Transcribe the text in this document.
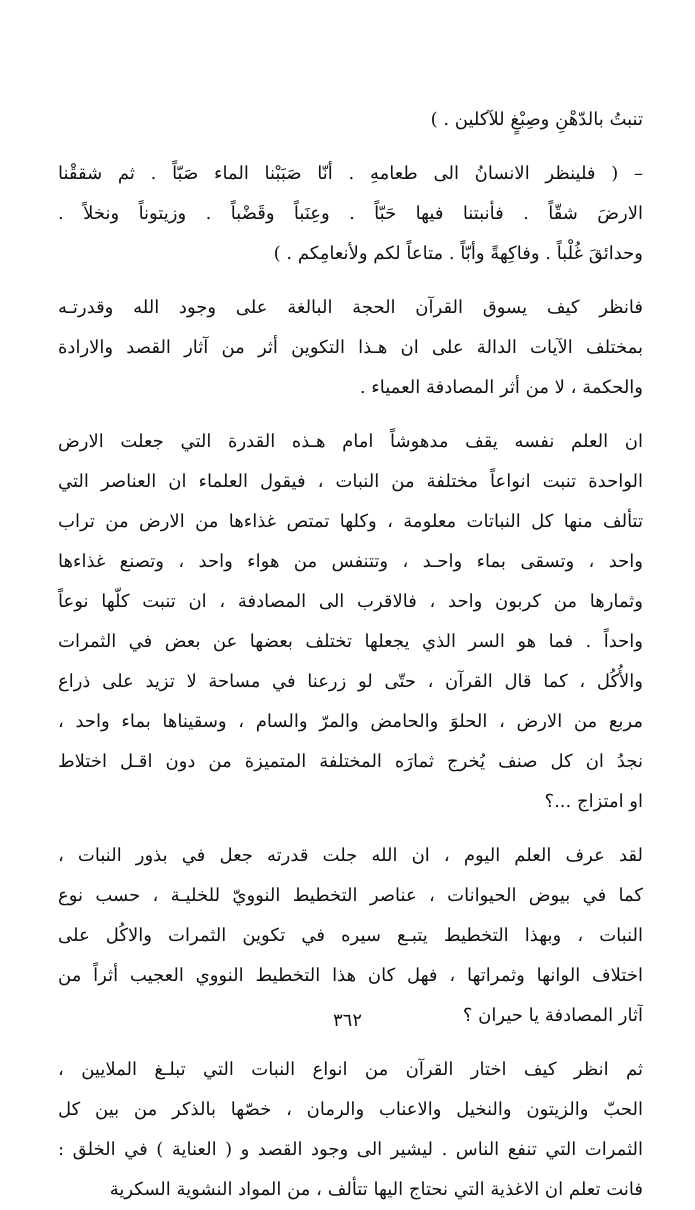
تنبتُ بالدّهْنِ وصِبْغٍ للآكلين . )
– ( فلينظر الانسانُ الى طعامهِ . أنّا صَبَبْنا الماء صَبّاً . ثم شققْنا
الارضَ شقّاً . فأنبتنا فيها حَبّاً . وعِنَباً وقَضْباً . وزيتوناً ونخلاً .
وحدائقَ غُلْباً . وفاكِهةً وأبّاً . متاعاً لكم ولأنعامِكم . )
فانظر كيف يسوق القرآن الحجة البالغة على وجود الله وقدرتـه
بمختلف الآيات الدالة على ان هـذا التكوين أثر من آثار القصد والارادة
والحكمة ، لا من أثر المصادفة العمياء .
ان العلم نفسه يقف مدهوشاً امام هـذه القدرة التي جعلت الارض
الواحدة تنبت انواعاً مختلفة من النبات ، فيقول العلماء ان العناصر التي
تتألف منها كل النباتات معلومة ، وكلها تمتص غذاءها من الارض من تراب
واحد ، وتسقى بماء واحـد ، وتتنفس من هواء واحد ، وتصنع غذاءها
وثمارها من كربون واحد ، فالاقرب الى المصادفة ، ان تنبت كلّها نوعاً
واحداً . فما هو السر الذي يجعلها تختلف بعضها عن بعض في الثمرات
والأُكُل ، كما قال القرآن ، حتّى لو زرعنا في مساحة لا تزيد على ذراع
مربع من الارض ، الحلوَ والحامض والمرّ والسام ، وسقيناها بماء واحد ،
نجدُ ان كل صنف يُخرج ثمارَه المختلفة المتميزة من دون اقـل اختلاط
او امتزاج ...؟
لقد عرف العلم اليوم ، ان الله جلت قدرته جعل في بذور النبات ،
كما في بيوض الحيوانات ، عناصر التخطيط النوويّ للخليـة ، حسب نوع
النبات ، وبهذا التخطيط يتبـع سيره في تكوين الثمرات والاكُل على
اختلاف الوانها وثمراتها ، فهل كان هذا التخطيط النووي العجيب أثراً من
آثار المصادفة يا حيران ؟
ثم انظر كيف اختار القرآن من انواع النبات التي تبلـغ الملايين ،
الحبّ والزيتون والنخيل والاعناب والرمان ، خصّها بالذكر من بين كل
الثمرات التي تنفع الناس . ليشير الى وجود القصد و ( العناية ) في الخلق :
فانت تعلم ان الاغذية التي نحتاج اليها تتألف ، من المواد النشوية السكرية
٣٦٢
